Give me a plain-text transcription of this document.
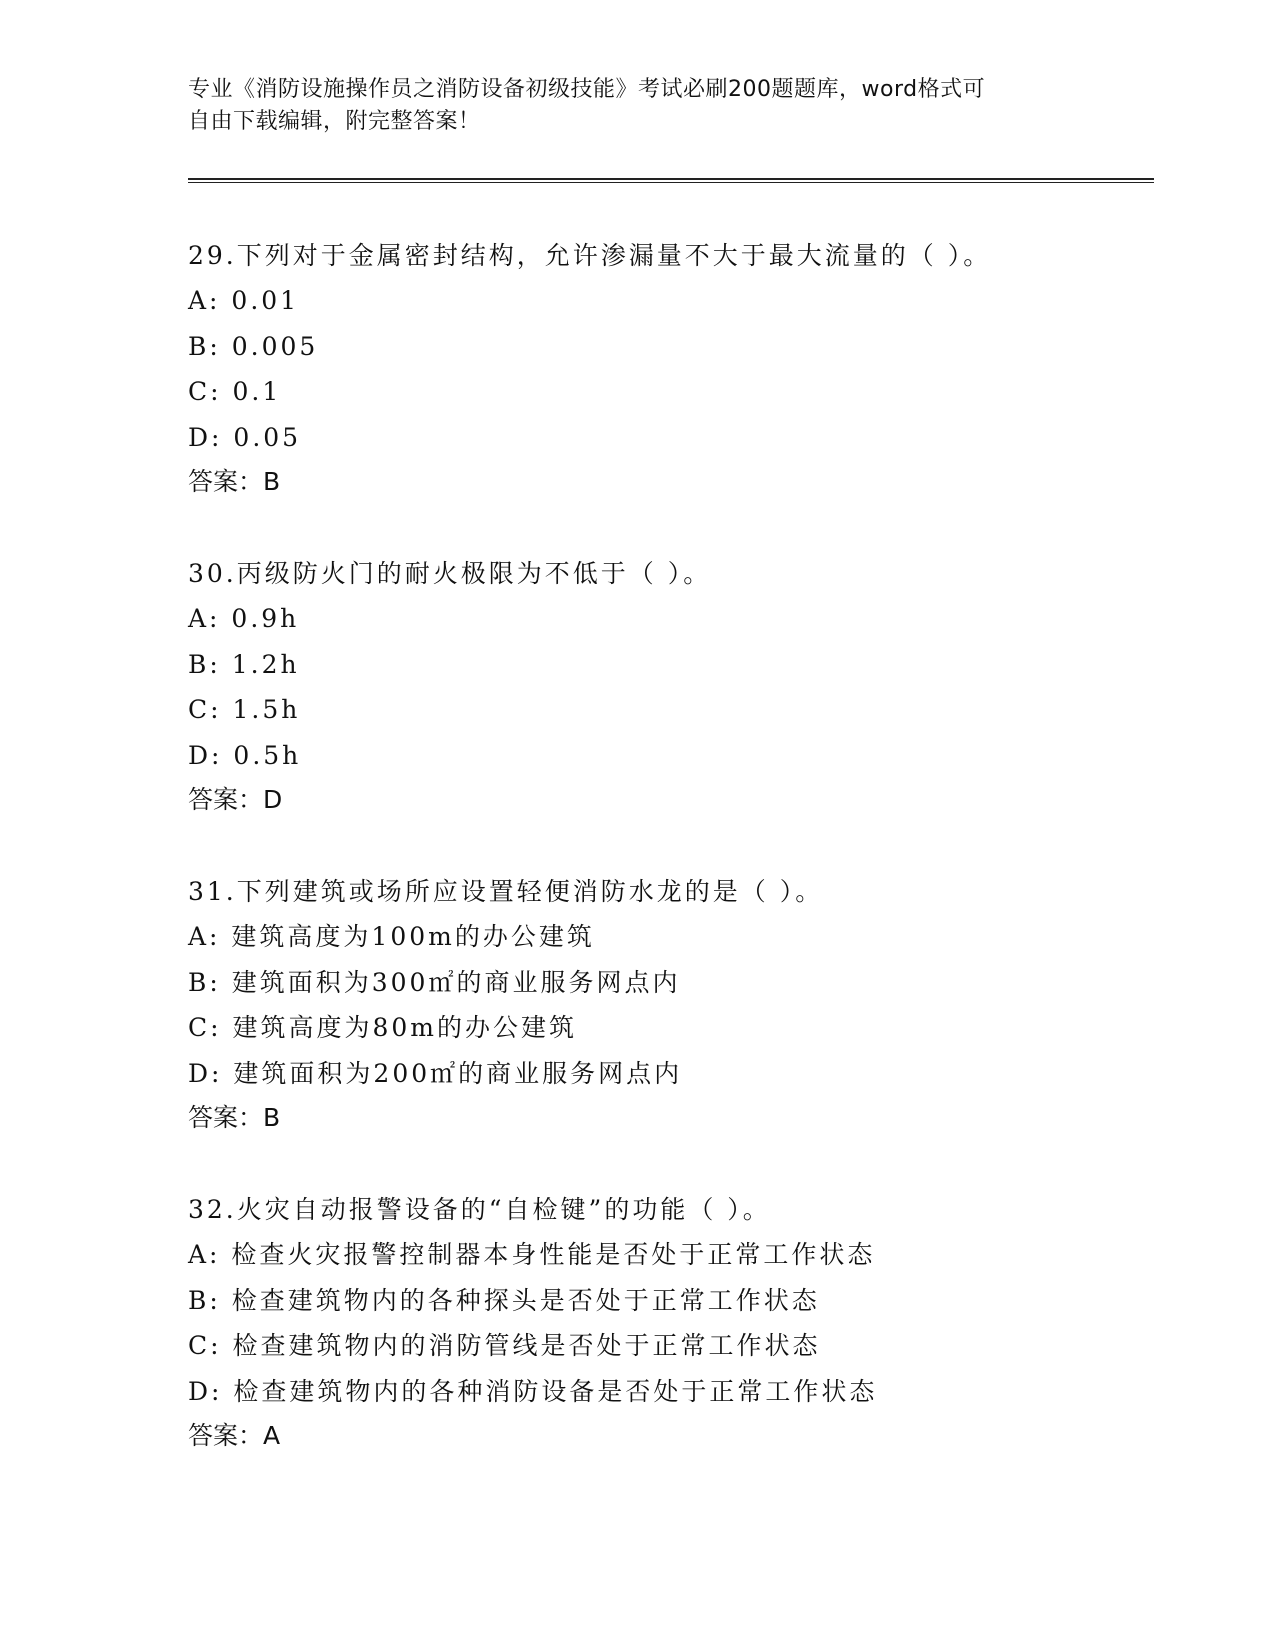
专业《消防设施操作员之消防设备初级技能》考试必刷200题题库，word格式可
自由下载编辑，附完整答案！
29.下列对于金属密封结构，允许渗漏量不大于最大流量的（ ）。
A: 0.01
B: 0.005
C: 0.1
D: 0.05
答案：B
30.丙级防火门的耐火极限为不低于（ ）。
A: 0.9h
B: 1.2h
C: 1.5h
D: 0.5h
答案：D
31.下列建筑或场所应设置轻便消防水龙的是（ ）。
A: 建筑高度为100m的办公建筑
B: 建筑面积为300㎡的商业服务网点内
C: 建筑高度为80m的办公建筑
D: 建筑面积为200㎡的商业服务网点内
答案：B
32.火灾自动报警设备的“自检键”的功能（ ）。
A: 检查火灾报警控制器本身性能是否处于正常工作状态
B: 检查建筑物内的各种探头是否处于正常工作状态
C: 检查建筑物内的消防管线是否处于正常工作状态
D: 检查建筑物内的各种消防设备是否处于正常工作状态
答案：A
